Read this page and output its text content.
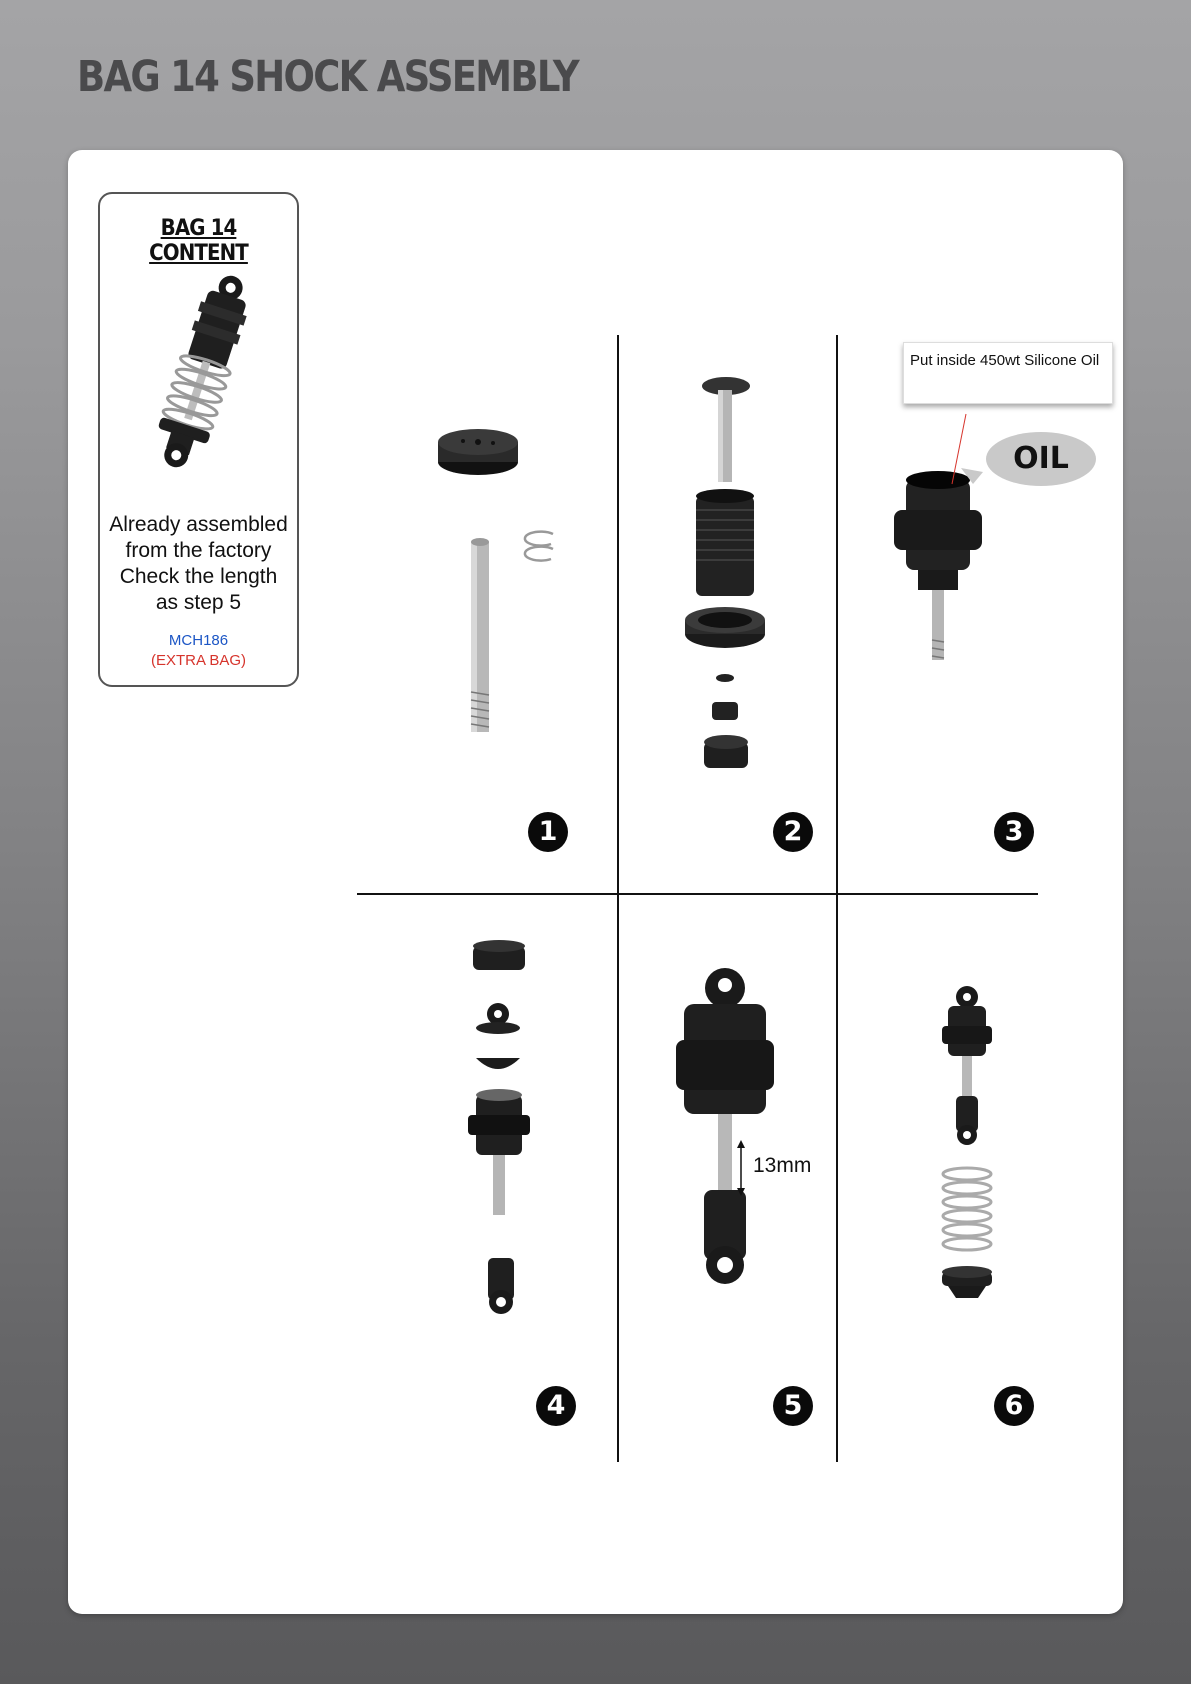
BAG 14 SHOCK ASSEMBLY
BAG 14 CONTENT
Already assembled
from the factory
Check the length
as step 5
MCH186
(EXTRA BAG)
Put inside 450wt Silicone Oil
OIL
13mm
1	2	3
4	5	6
